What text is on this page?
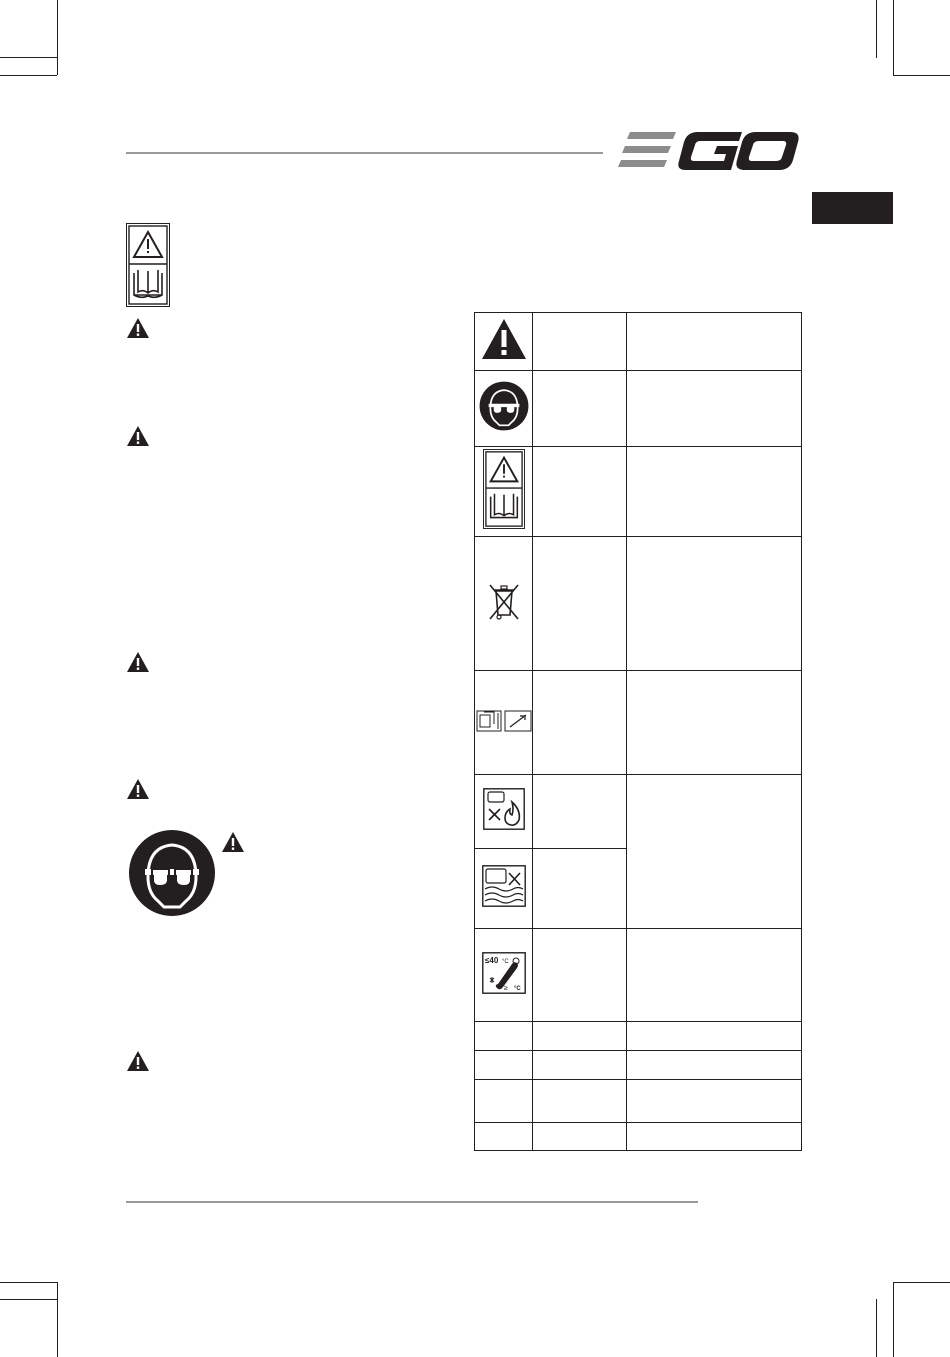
≤40 °C
≥ °C		
